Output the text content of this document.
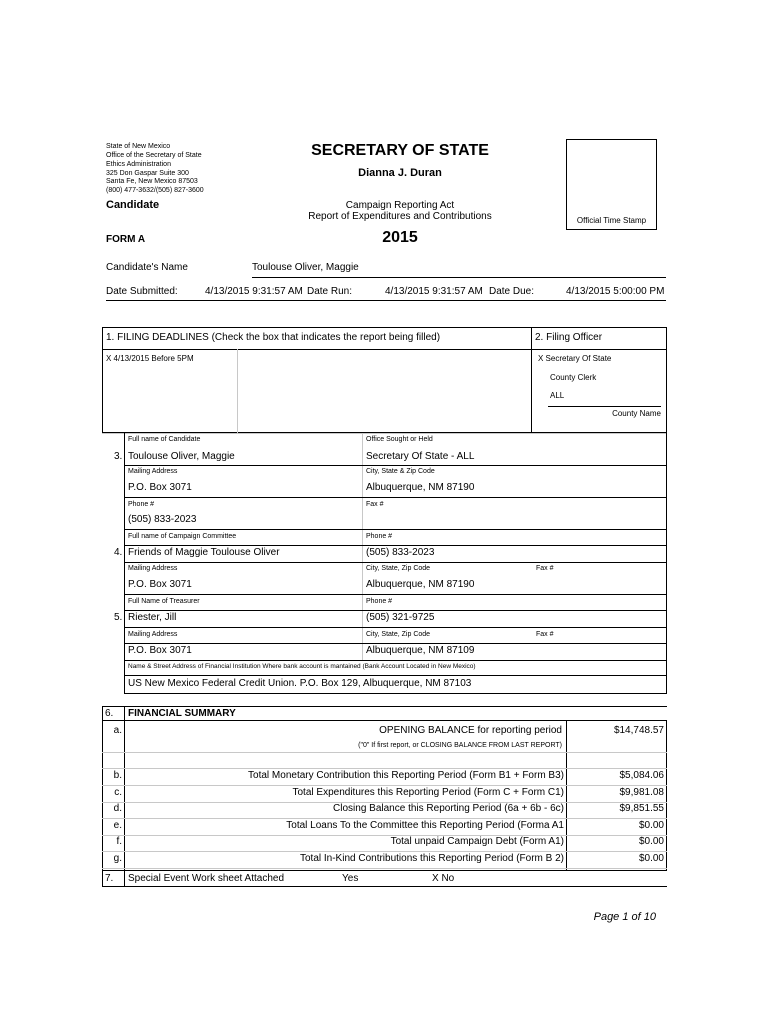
State of New Mexico
Office of the Secretary of State
Ethics Administration
325 Don Gaspar Suite 300
Santa Fe, New Mexico 87503
(800) 477-3632/(505) 827-3600
SECRETARY OF STATE
Dianna J. Duran
Candidate	Campaign Reporting Act
Report of Expenditures and Contributions
2015
FORM A
Official Time Stamp
Candidate's Name	Toulouse Oliver, Maggie
Date Submitted:	4/13/2015 9:31:57 AM Date Run:	4/13/2015 9:31:57 AM Date Due:	4/13/2015 5:00:00 PM
1. FILING DEADLINES (Check the box that indicates the report being filled)	2. Filing Officer
X 4/13/2015 Before 5PM	X Secretary Of State
County Clerk
ALL
County Name
Full name of Candidate	Office Sought or Held
3. Toulouse Oliver, Maggie	Secretary Of State - ALL
Mailing Address	City, State & Zip Code
P.O. Box 3071	Albuquerque, NM 87190
Phone #	Fax #
(505) 833-2023
Full name of Campaign Committee	Phone #
4. Friends of Maggie Toulouse Oliver	(505) 833-2023
Mailing Address	City, State, Zip Code	Fax #
P.O. Box 3071	Albuquerque, NM 87190
Full Name of Treasurer	Phone #
5. Riester, Jill	(505) 321-9725
Mailing Address	City, State, Zip Code	Fax #
P.O. Box 3071	Albuquerque, NM 87109
Name & Street Address of Financial Institution Where bank account is mantained (Bank Account Located in New Mexico)
US New Mexico Federal Credit Union. P.O. Box 129, Albuquerque, NM 87103
6. FINANCIAL SUMMARY
a.	OPENING BALANCE for reporting period	$14,748.57
("0" If first report, or CLOSING BALANCE FROM LAST REPORT)
b.	Total Monetary Contribution this Reporting Period (Form B1 + Form B3)	$5,084.06
c.	Total Expenditures this Reporting Period (Form C + Form C1)	$9,981.08
d.	Closing Balance this Reporting Period (6a + 6b - 6c)	$9,851.55
e.	Total Loans To the Committee this Reporting Period (Forma A1	$0.00
f.	Total unpaid Campaign Debt (Form A1)	$0.00
g.	Total In-Kind Contributions this Reporting Period (Form B 2)	$0.00
7. Special Event Work sheet Attached	Yes	X No
Page 1 of 10
